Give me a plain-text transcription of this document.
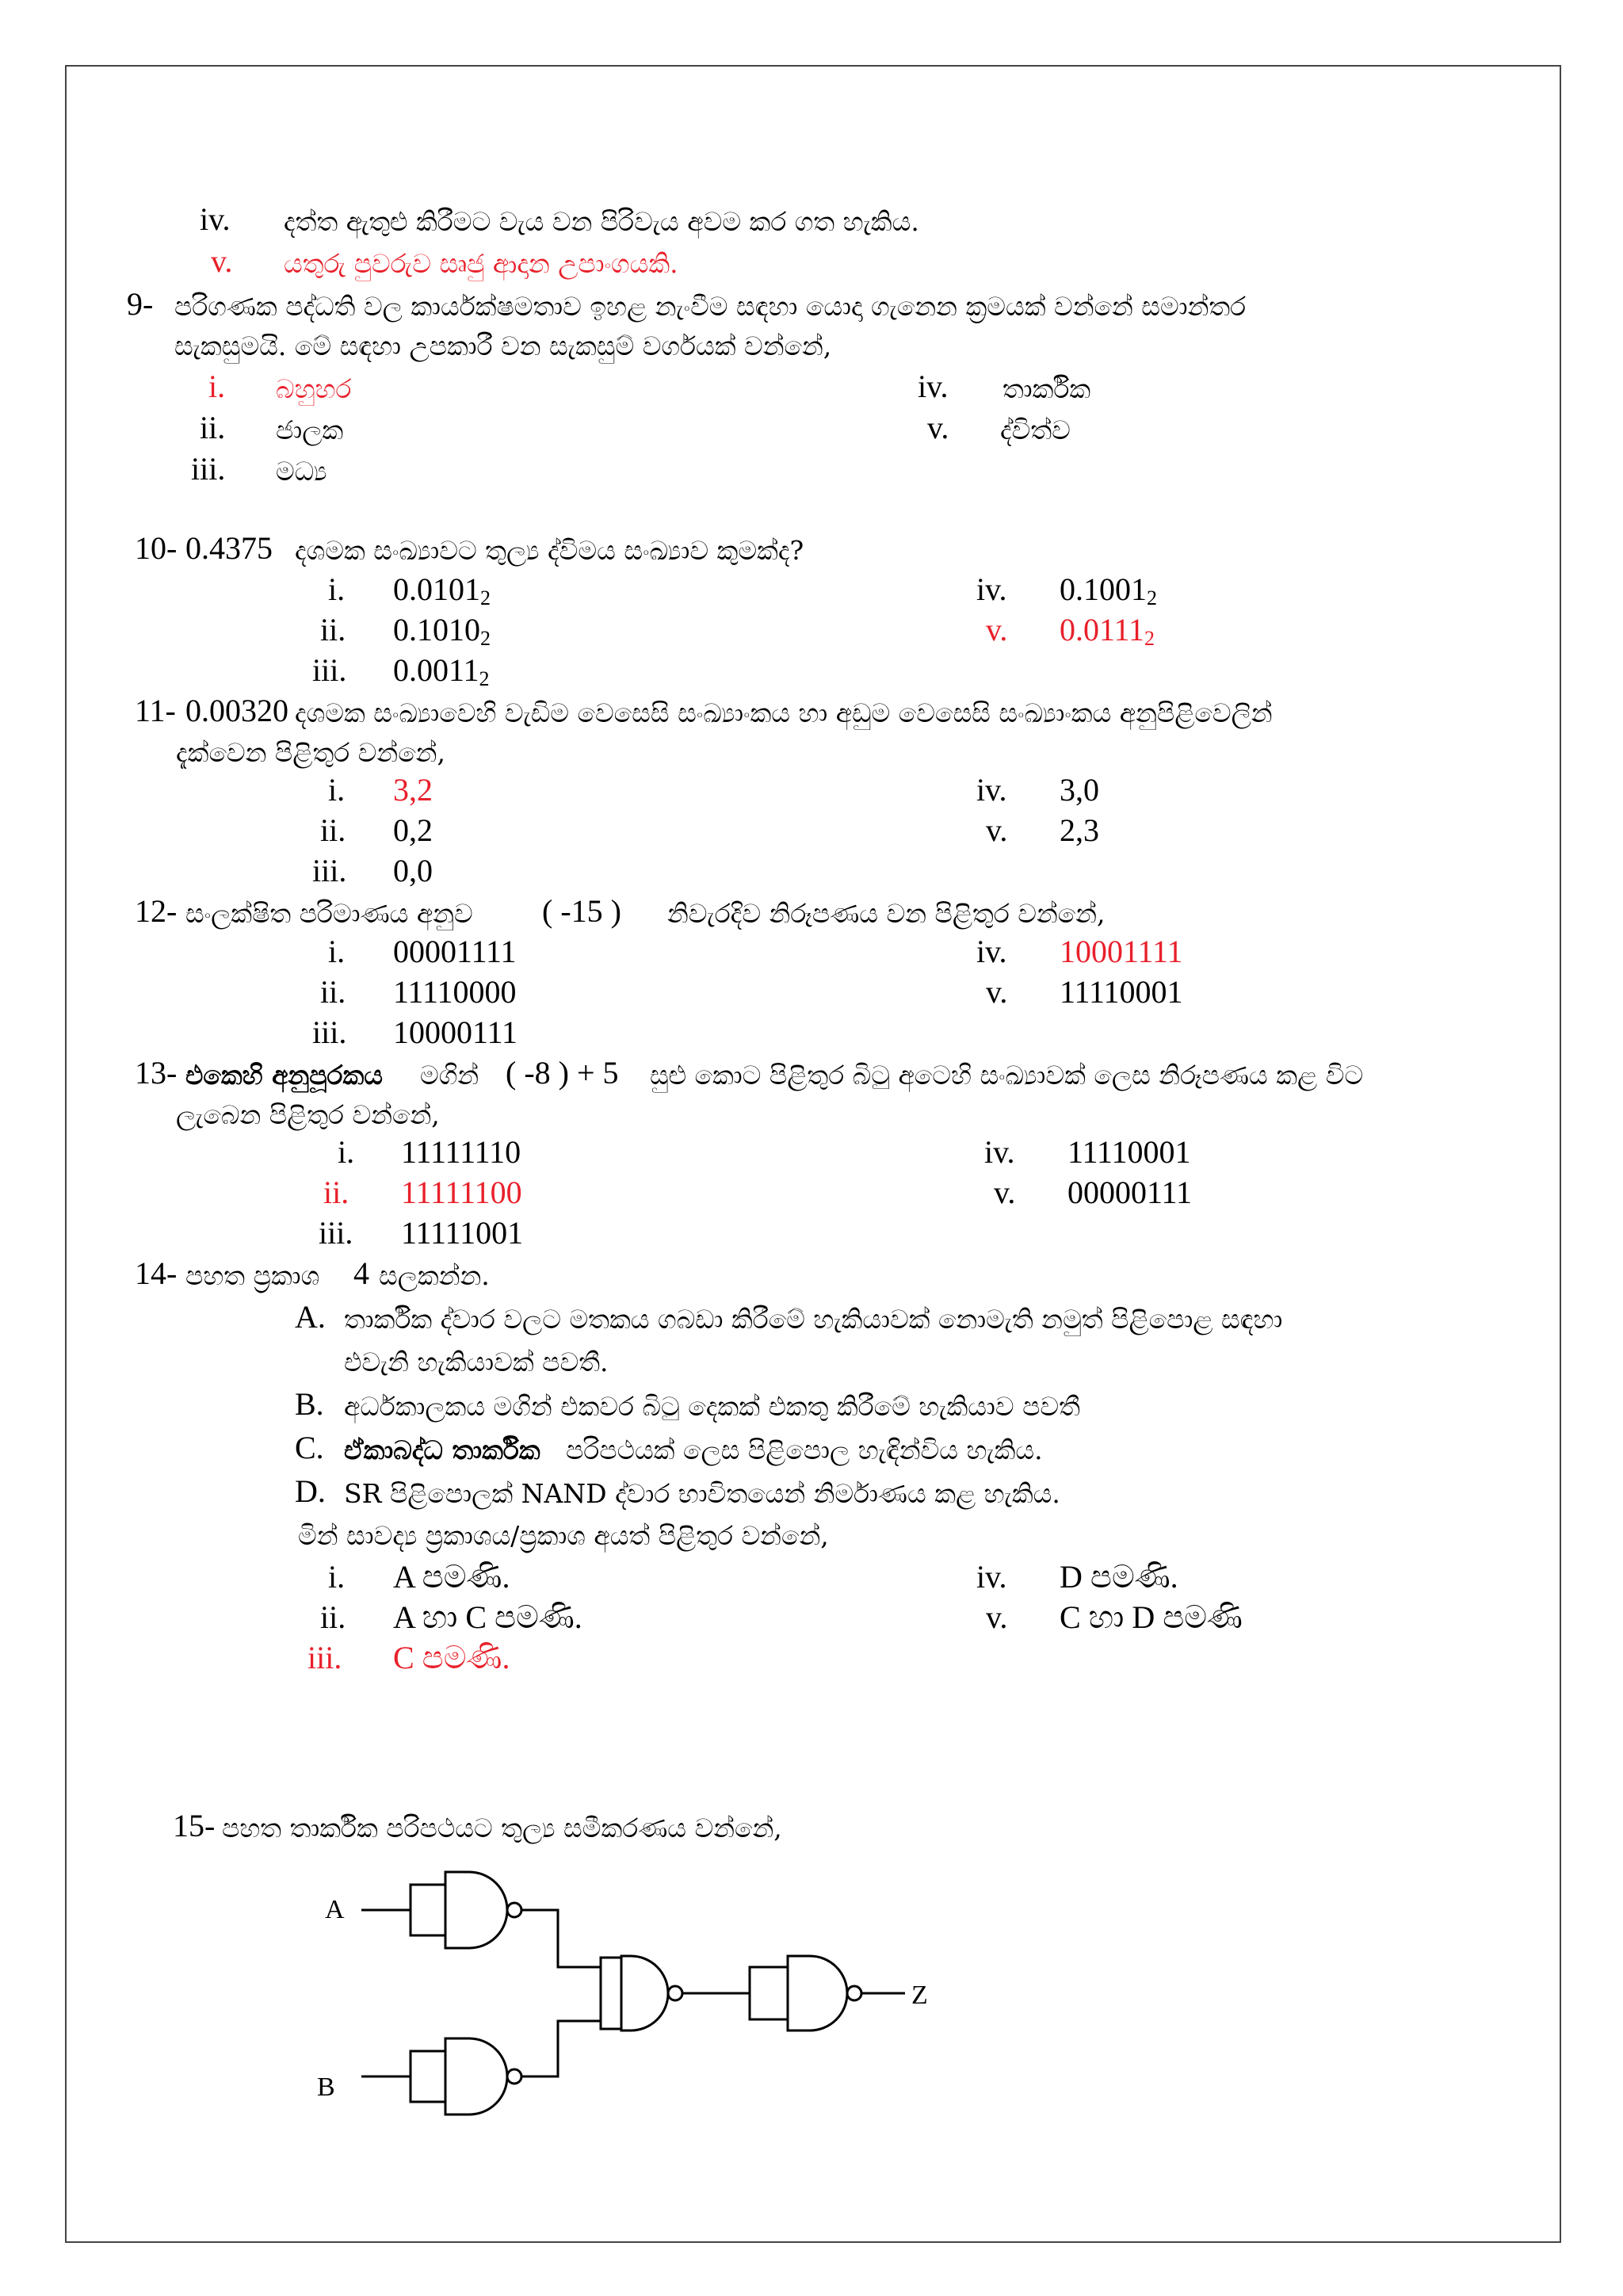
iv. දත්ත ඇතුළු කිරීමට වැය වන පිරිවැය අවම කර ගත හැකිය.
v. යතුරු පුවරුව සෘජු ආදාන උපාංගයකි.
9- පරිගණක පද්ධති වල කාර්යක්ෂමතාව ඉහළ නැංවීම සඳහා යොදා ගැනෙන ක්‍රමයක් වන්නේ සමාන්තර
සැකසුමයි. මේ සඳහා උපකාරී වන සැකසුම් වර්ගයක් වන්නේ,
i. බහුහර
ii. ජාලක
iii. මධ්‍ය
iv. තාර්කික
v. ද්විත්ව
10- 0.4375 දශමක සංඛ්‍යාවට තුල්‍ය ද්විමය සංඛ්‍යාව කුමක්ද?
i. $0.0101_2$
ii. $0.1010_2$
iii. $0.0011_2$
iv. $0.1001_2$
v. $0.0111_2$
11- 0.00320 දශමක සංඛ්‍යාවෙහි වැඩිම වෙසෙසි සංඛ්‍යාංකය හා අඩුම වෙසෙසි සංඛ්‍යාංකය අනුපිළිවෙලින්
දැක්වෙන පිළිතුර වන්නේ,
i. 3,2
ii. 0,2
iii. 0,0
iv. 3,0
v. 2,3
12- සංලක්ෂිත පරිමාණය අනුව ( -15 ) නිවැරදිව නිරූපණය වන පිළිතුර වන්නේ,
i. 00001111
ii. 11110000
iii. 10000111
iv. 10001111
v. 11110001
13- එකෙහි අනුපූරකය මගින් ( -8 ) + 5 සුළු කොට පිළිතුර බිටු අටෙහි සංඛ්‍යාවක් ලෙස නිරූපණය කළ විට
ලැබෙන පිළිතුර වන්නේ,
i. 11111110
ii. 11111100
iii. 11111001
iv. 11110001
v. 00000111
14- පහත ප්‍රකාශ 4 සලකන්න.
A. තාර්කික ද්වාර වලට මතකය ගබඩා කිරීමේ හැකියාවක් නොමැති නමුත් පිළිපොළ සඳහා
එවැනි හැකියාවක් පවතී.
B. අර්ධකාලකය මගින් එකවර බිටු දෙකක් එකතු කිරීමේ හැකියාව පවතී
C. ඒකාබද්ධ තාර්කික පරිපථයක් ලෙස පිළිපොල හැඳින්විය හැකිය.
D. SR පිළිපොලක් NAND ද්වාර භාවිතයෙන් නිර්මාණය කළ හැකිය.
මින් සාවද්‍ය ප්‍රකාශය/ප්‍රකාශ අයත් පිළිතුර වන්නේ,
i. A පමණි.
ii. A හා C පමණි.
iii. C පමණි.
iv. D පමණි.
v. C හා D පමණි
15- පහත තාර්කික පරිපථයට තුල්‍ය සමීකරණය වන්නේ,
A
B
Z
